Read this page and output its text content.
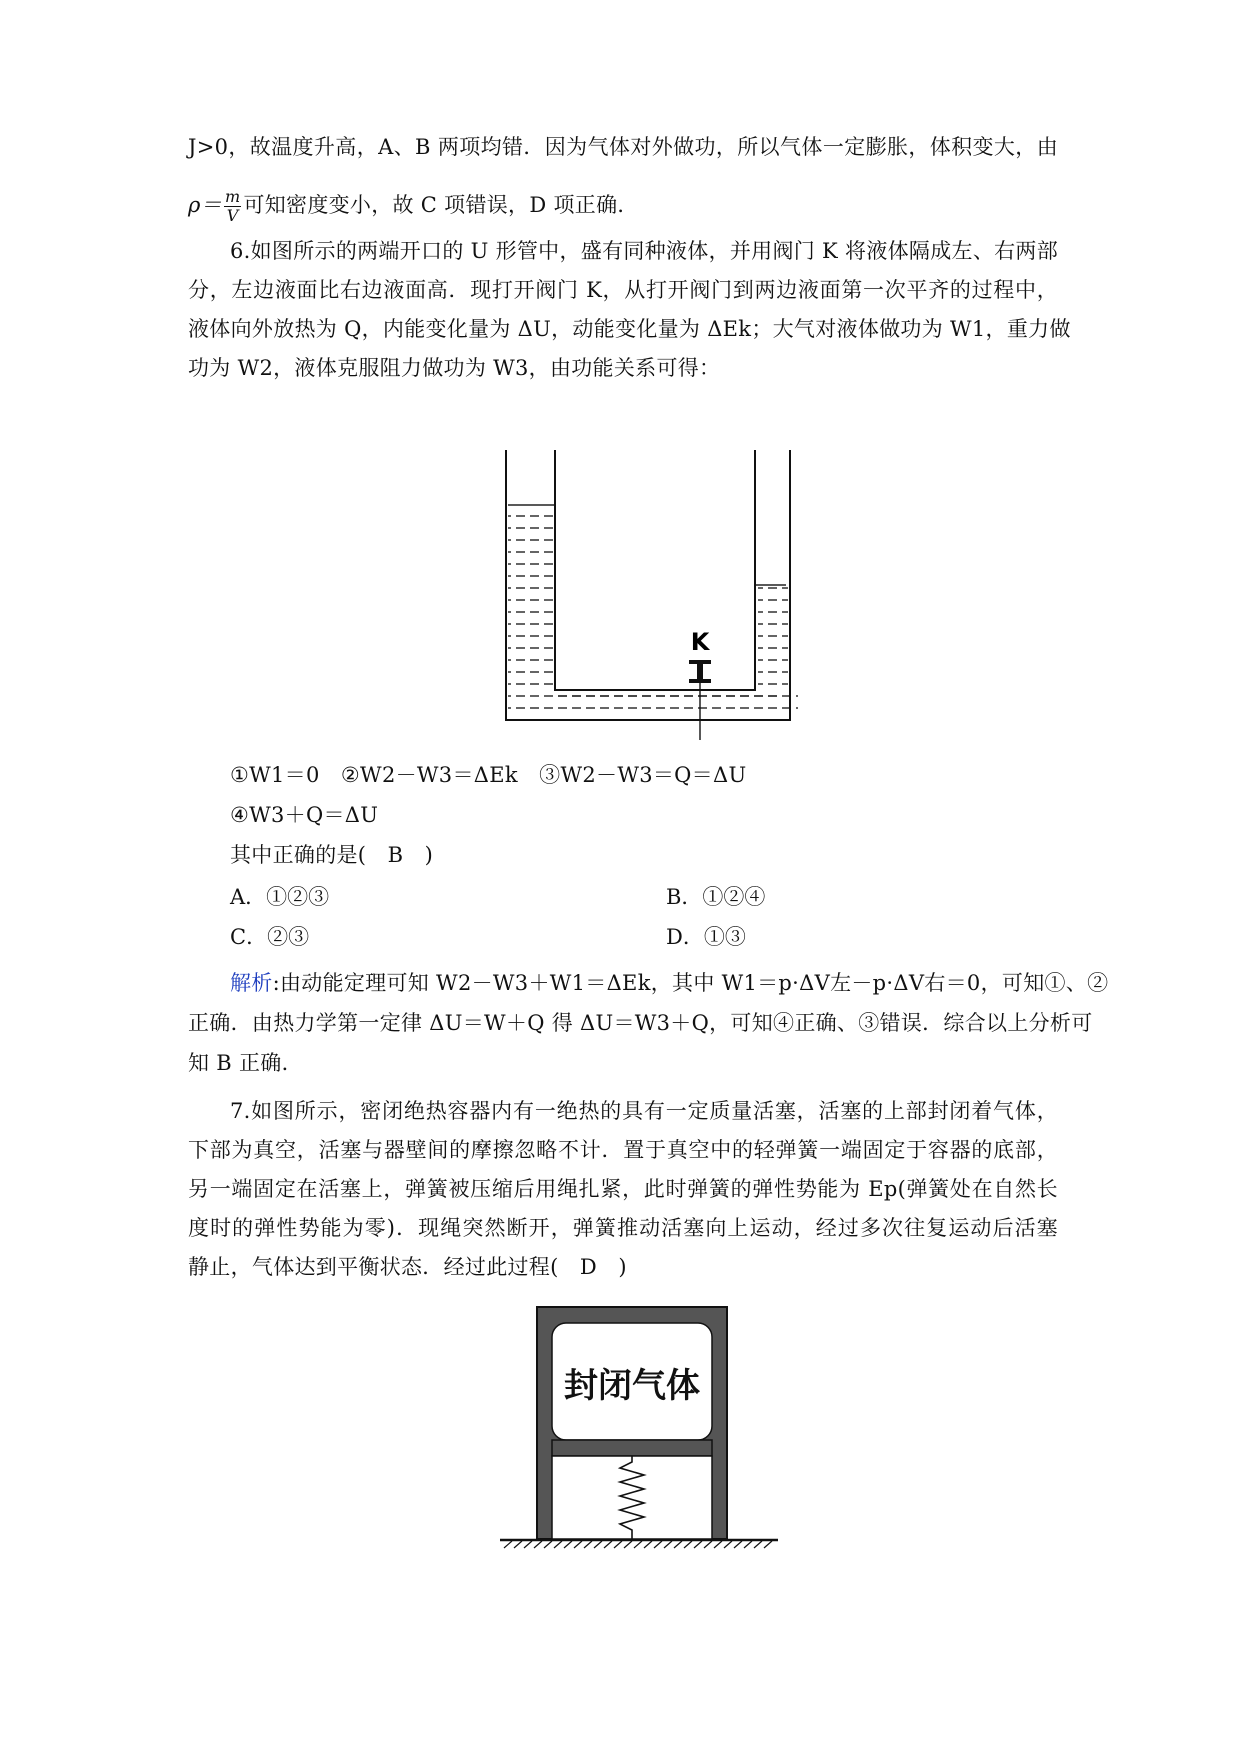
J>0，故温度升高，A、B 两项均错．因为气体对外做功，所以气体一定膨胀，体积变大，由
$\rho= \frac{m}{V}$ 可知密度变小，故 C 项错误，D 项正确．
6.如图所示的两端开口的 U 形管中，盛有同种液体，并用阀门 K 将液体隔成左、右两部
分，左边液面比右边液面高．现打开阀门 K，从打开阀门到两边液面第一次平齐的过程中，
液体向外放热为 Q，内能变化量为 ΔU，动能变化量为 ΔEk；大气对液体做功为 W1，重力做
功为 W2，液体克服阻力做功为 W3，由功能关系可得：
K
①W1＝0　②W2－W3＝ΔEk　③W2－W3＝Q＝ΔU
④W3＋Q＝ΔU
其中正确的是(　B　)
A．①②③	B．①②④
C．②③	D．①③
解析:由动能定理可知 W2－W3＋W1＝ΔEk，其中 W1＝p·ΔV左－p·ΔV右＝0，可知①、②
正确．由热力学第一定律 ΔU＝W＋Q 得 ΔU＝W3＋Q，可知④正确、③错误．综合以上分析可
知 B 正确．
7.如图所示，密闭绝热容器内有一绝热的具有一定质量活塞，活塞的上部封闭着气体，
下部为真空，活塞与器壁间的摩擦忽略不计．置于真空中的轻弹簧一端固定于容器的底部，
另一端固定在活塞上，弹簧被压缩后用绳扎紧，此时弹簧的弹性势能为 Ep(弹簧处在自然长
度时的弹性势能为零)．现绳突然断开，弹簧推动活塞向上运动，经过多次往复运动后活塞
静止，气体达到平衡状态．经过此过程(　D　)
封闭气体
